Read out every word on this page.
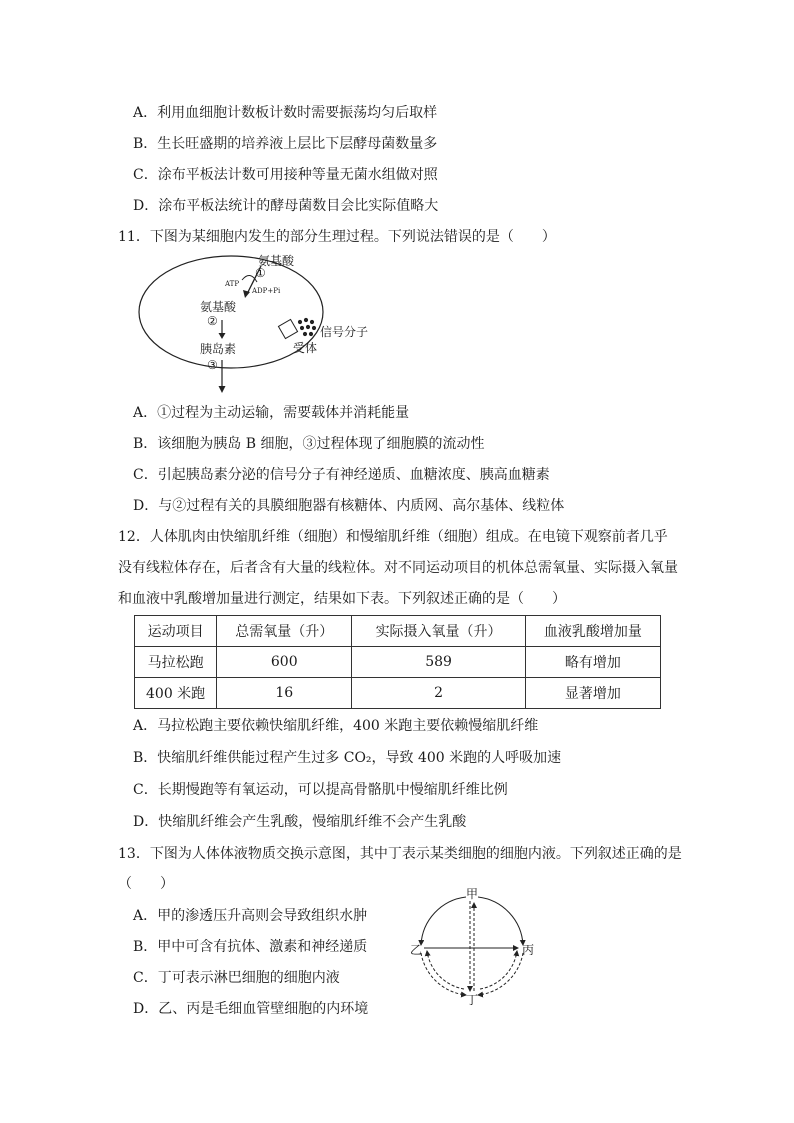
A．利用血细胞计数板计数时需要振荡均匀后取样
B．生长旺盛期的培养液上层比下层酵母菌数量多
C．涂布平板法计数可用接种等量无菌水组做对照
D．涂布平板法统计的酵母菌数目会比实际值略大
11．下图为某细胞内发生的部分生理过程。下列说法错误的是（　　）
氨基酸
①
ATP
ADP+Pi
氨基酸
②
胰岛素
③
信号分子
受体
A．①过程为主动运输，需要载体并消耗能量
B．该细胞为胰岛 B 细胞，③过程体现了细胞膜的流动性
C．引起胰岛素分泌的信号分子有神经递质、血糖浓度、胰高血糖素
D．与②过程有关的具膜细胞器有核糖体、内质网、高尔基体、线粒体
12．人体肌肉由快缩肌纤维（细胞）和慢缩肌纤维（细胞）组成。在电镜下观察前者几乎
没有线粒体存在，后者含有大量的线粒体。对不同运动项目的机体总需氧量、实际摄入氧量
和血液中乳酸增加量进行测定，结果如下表。下列叙述正确的是（　　）
运动项目	总需氧量（升）	实际摄入氧量（升）	血液乳酸增加量
马拉松跑	600	589	略有增加
400 米跑	16	2	显著增加
A．马拉松跑主要依赖快缩肌纤维，400 米跑主要依赖慢缩肌纤维
B．快缩肌纤维供能过程产生过多 CO₂，导致 400 米跑的人呼吸加速
C．长期慢跑等有氧运动，可以提高骨骼肌中慢缩肌纤维比例
D．快缩肌纤维会产生乳酸，慢缩肌纤维不会产生乳酸
13．下图为人体体液物质交换示意图，其中丁表示某类细胞的细胞内液。下列叙述正确的是
（　　）
A．甲的渗透压升高则会导致组织水肿
B．甲中可含有抗体、激素和神经递质
C．丁可表示淋巴细胞的细胞内液
D．乙、丙是毛细血管壁细胞的内环境
甲
乙	丙
丁
